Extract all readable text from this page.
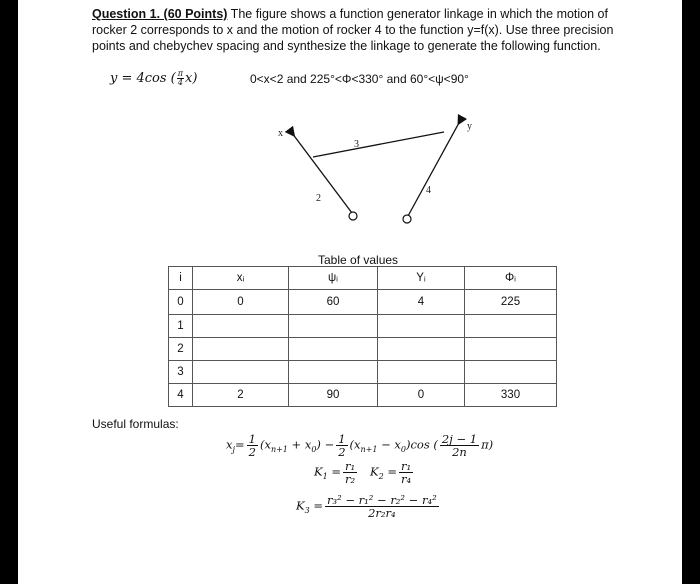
Question 1. (60 Points) The figure shows a function generator linkage in which the motion of rocker 2 corresponds to x and the motion of rocker 4 to the function y=f(x). Use three precision points and chebychev spacing and synthesize the linkage to generate the following function.
y = 4cos ( $\frac{\pi}{4}x$)	0<x<2 and 225°<Φ<330° and 60°<ψ<90°
x
y
2
3
4
Table of values
i	xᵢ	ψᵢ	Yᵢ	Φᵢ
0	0	60	4	225
1				
2				
3				
4	2	90	0	330
Useful formulas:
$x_j= \frac{1}{2} (x_{n+1} + x_0) - \frac{1}{2} (x_{n+1} - x_0)\cos$ ( $\frac{2j - 1}{2n} \pi$)
$K_1 = \frac{\text{r₁}}{\text{r₂}} K_2 = \frac{\text{r₁}}{\text{r₄}}$
$K_3 = \frac{\text{r₃² − r₁² − r₂² − r₄²}}{\text{2r₂r₄}}$
